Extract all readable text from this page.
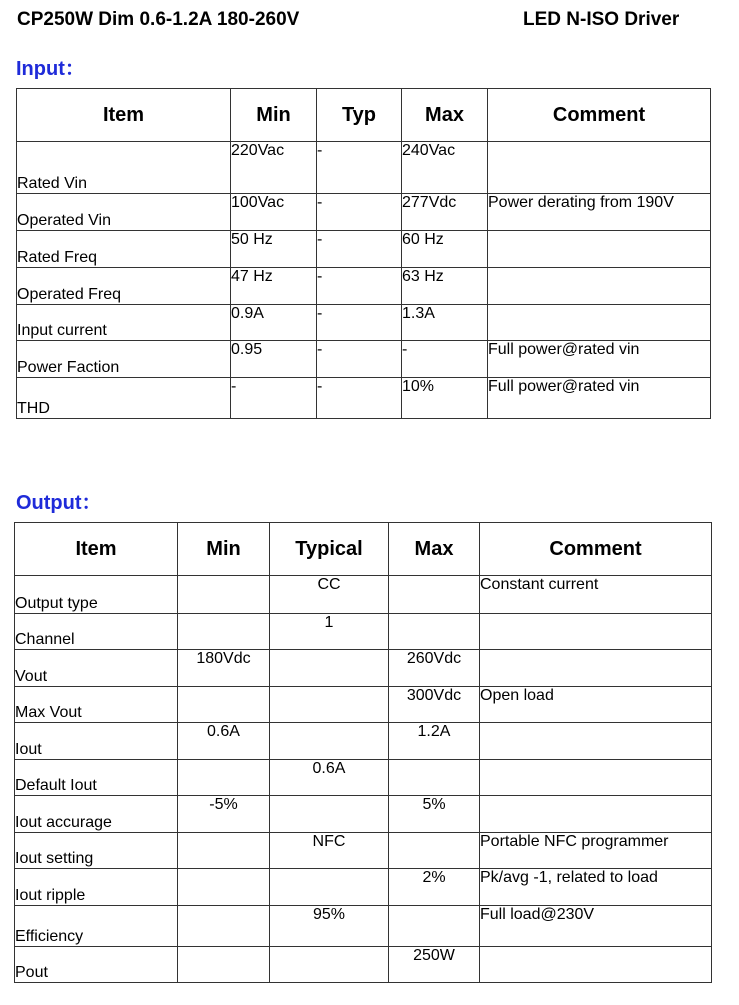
CP250W Dim 0.6-1.2A 180-260V	LED N-ISO Driver
Input：
Item	Min	Typ	Max	Comment
Rated Vin	220Vac	-	240Vac	
Operated Vin	100Vac	-	277Vdc	Power derating from 190V
Rated Freq	50 Hz	-	60 Hz	
Operated Freq	47 Hz	-	63 Hz	
Input current	0.9A	-	1.3A	
Power Faction	0.95	-	-	Full power@rated vin
THD	-	-	10%	Full power@rated vin
Output：
Item	Min	Typical	Max	Comment
Output type		CC		Constant current
Channel		1		
Vout	180Vdc		260Vdc	
Max Vout			300Vdc	Open load
Iout	0.6A		1.2A	
Default Iout		0.6A		
Iout accurage	-5%		5%	
Iout setting		NFC		Portable NFC programmer
Iout ripple			2%	Pk/avg -1, related to load
Efficiency		95%		Full load@230V
Pout			250W	
